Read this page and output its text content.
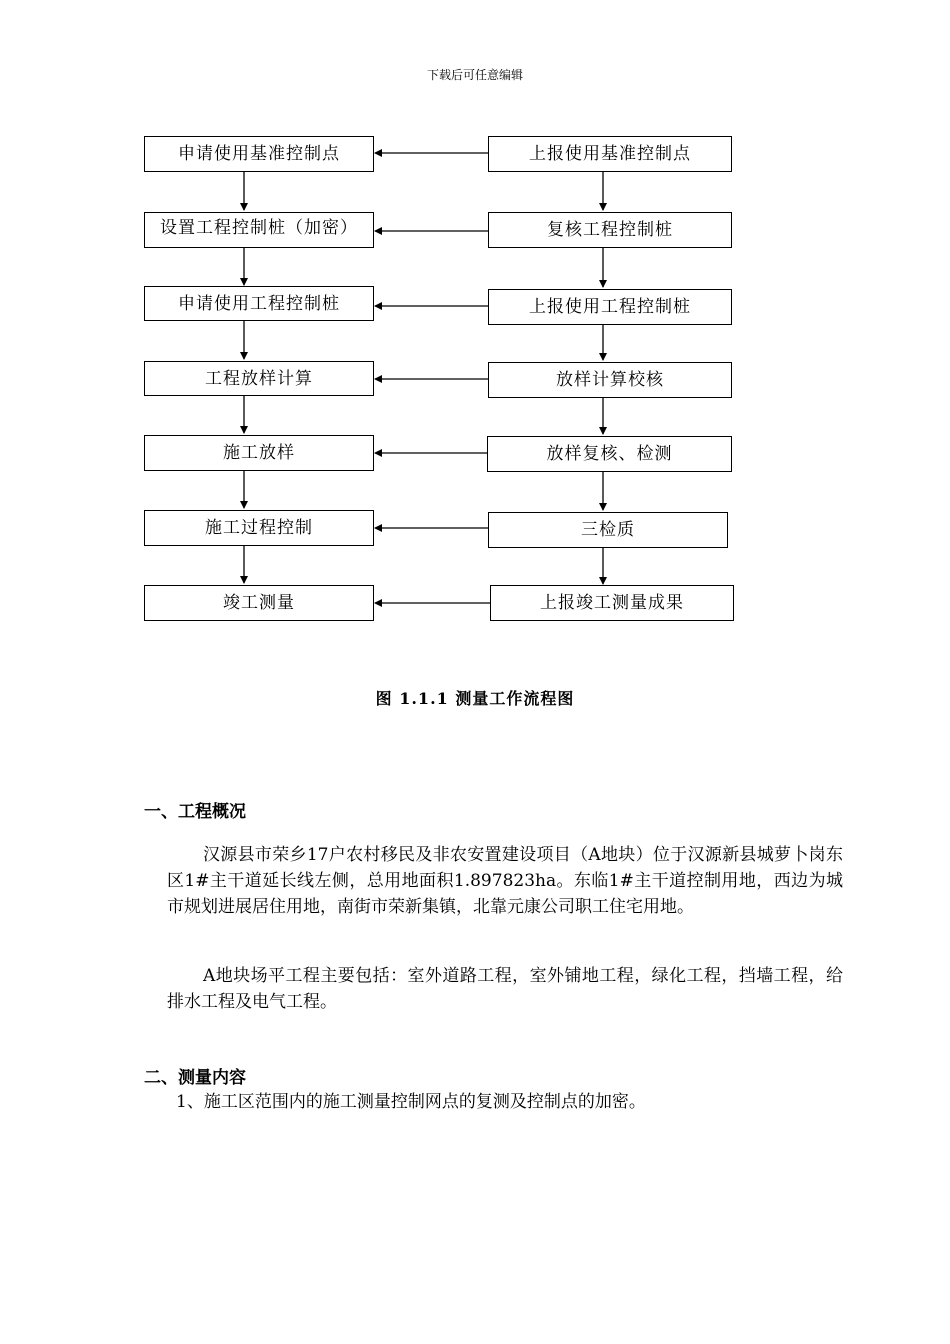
下载后可任意编辑
申请使用基准控制点
设置工程控制桩（加密）
申请使用工程控制桩
工程放样计算
施工放样
施工过程控制
竣工测量
上报使用基准控制点
复核工程控制桩
上报使用工程控制桩
放样计算校核
放样复核、检测
三检质
上报竣工测量成果
图 1.1.1 测量工作流程图
一、工程概况
汉源县市荣乡17户农村移民及非农安置建设项目（A地块）位于汉源新县城萝卜岗东区1#主干道延长线左侧，总用地面积1.897823ha。东临1#主干道控制用地，西边为城市规划进展居住用地，南街市荣新集镇，北靠元康公司职工住宅用地。
A地块场平工程主要包括：室外道路工程，室外铺地工程，绿化工程，挡墙工程，给排水工程及电气工程。
二、测量内容
1、施工区范围内的施工测量控制网点的复测及控制点的加密。
